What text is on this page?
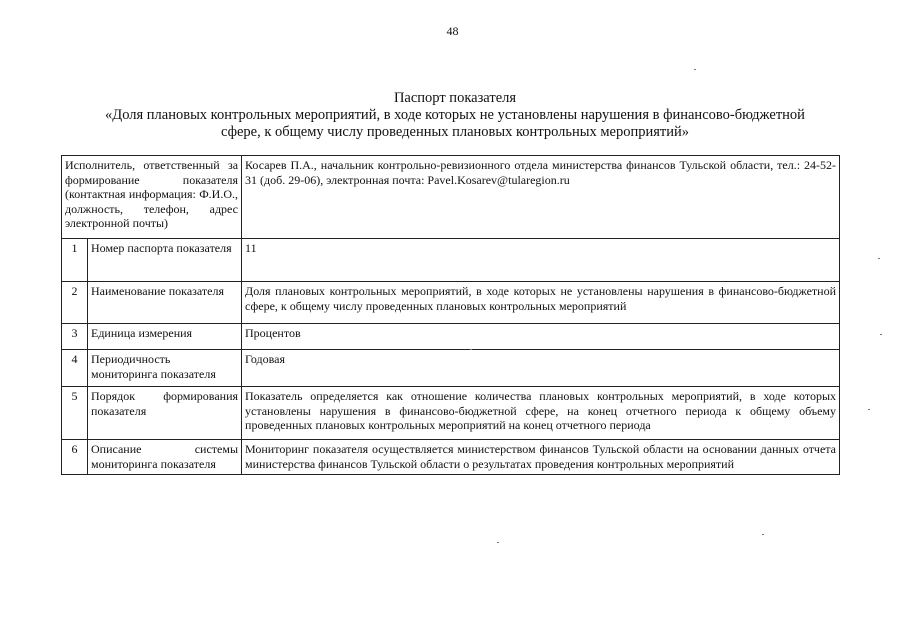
48
Паспорт показателя
«Доля плановых контрольных мероприятий, в ходе которых не установлены нарушения в финансово-бюджетной
сфере, к общему числу проведенных плановых контрольных мероприятий»
Исполнитель, ответственный за формирование показателя (контактная информация: Ф.И.О., должность, телефон, адрес электронной почты)		Косарев П.А., начальник контрольно-ревизионного отдела министерства финансов Тульской области, тел.: 24-52-31 (доб. 29-06), электронная почта: Pavel.Kosarev@tularegion.ru
1	Номер паспорта показателя	11
2	Наименование показателя	Доля плановых контрольных мероприятий, в ходе которых не установлены нарушения в финансово-бюджетной сфере, к общему числу проведенных плановых контрольных мероприятий
3	Единица измерения	Процентов
4	Периодичность мониторинга показателя	Годовая
5	Порядок формирования показателя	Показатель определяется как отношение количества плановых контрольных мероприятий, в ходе которых установлены нарушения в финансово-бюджетной сфере, на конец отчетного периода к общему объему проведенных плановых контрольных мероприятий на конец отчетного периода
6	Описание системы мониторинга показателя	Мониторинг показателя осуществляется министерством финансов Тульской области на основании данных отчета министерства финансов Тульской области о результатах проведения контрольных мероприятий
